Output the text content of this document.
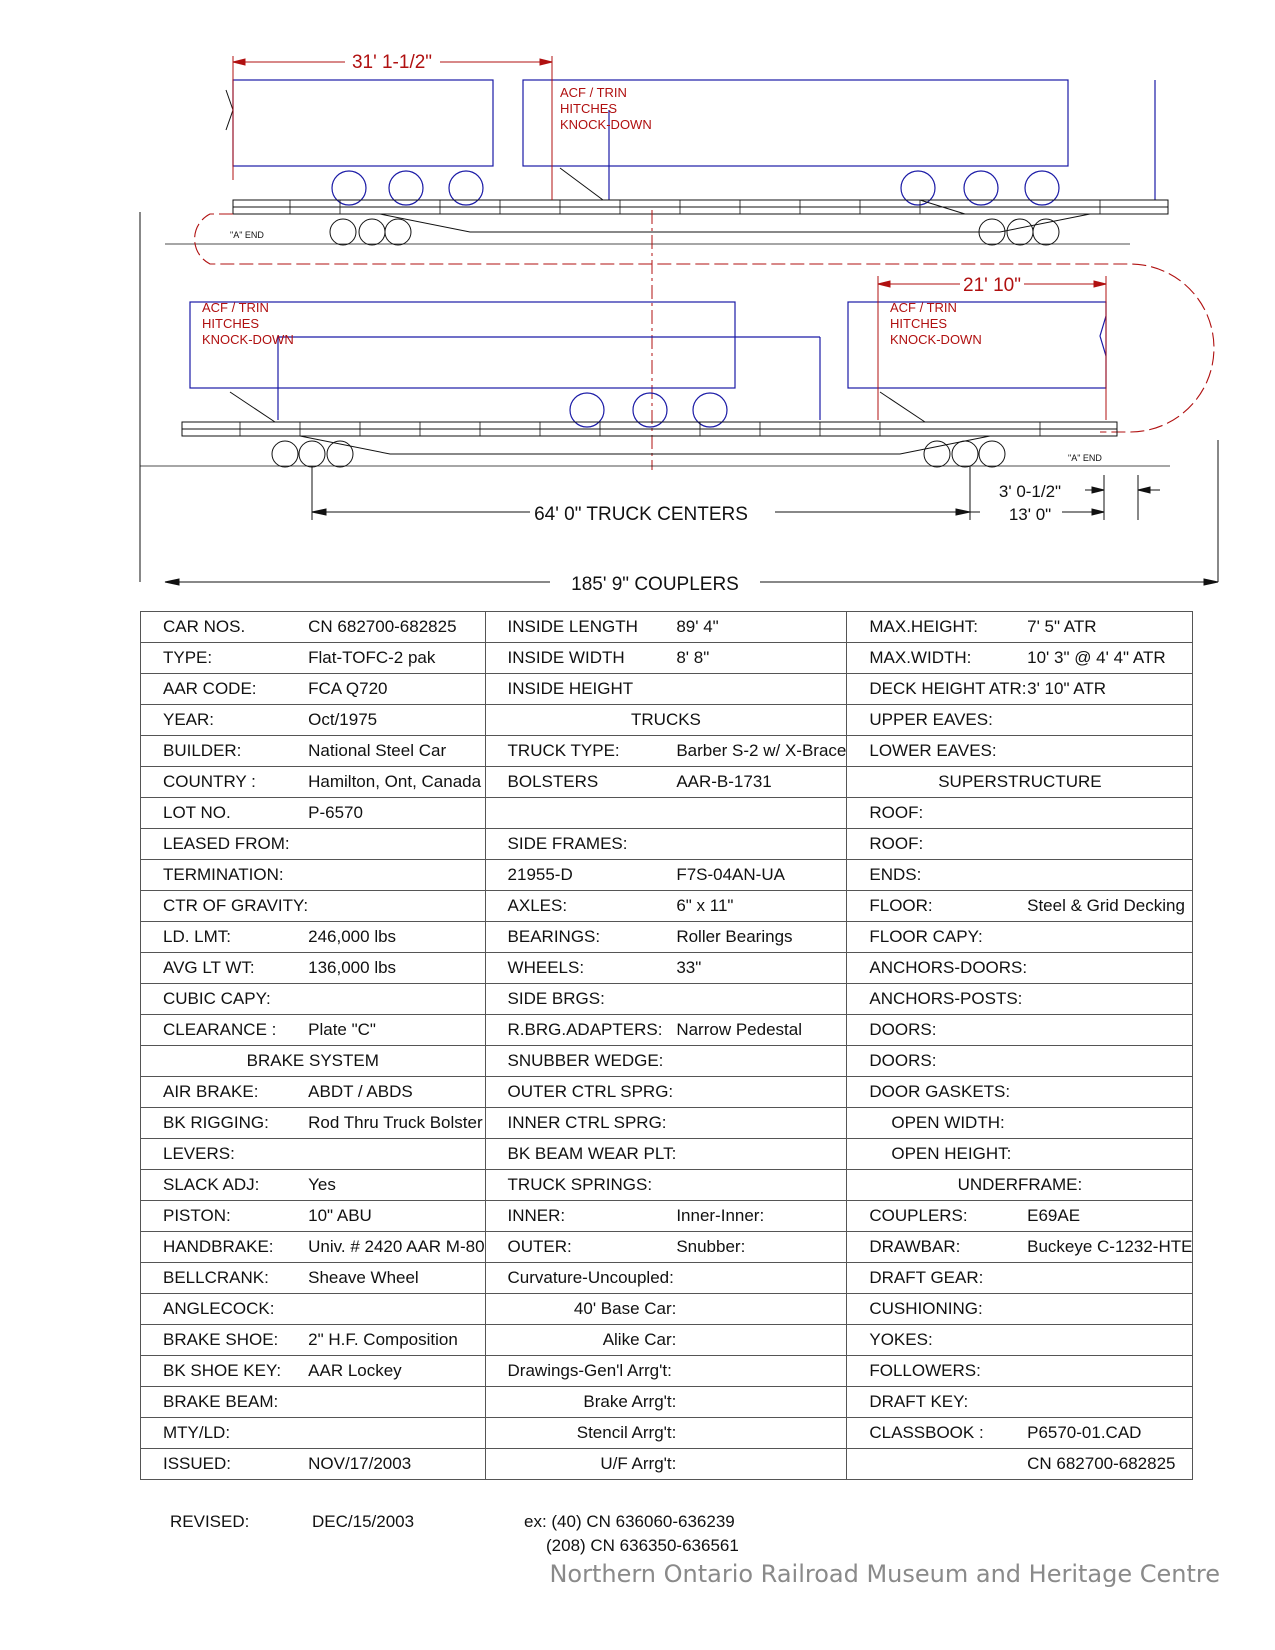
31' 1-1/2"
ACF / TRIN
HITCHES
KNOCK-DOWN
"A" END
21' 10"
ACF / TRIN
HITCHES
KNOCK-DOWN
ACF / TRIN
HITCHES
KNOCK-DOWN
"A" END
64' 0" TRUCK CENTERS
3' 0-1/2"
13' 0"
185' 9" COUPLERS
CAR NOS.	CN 682700-682825	INSIDE LENGTH	89' 4"	MAX.HEIGHT:	7' 5" ATR
TYPE:	Flat-TOFC-2 pak	INSIDE WIDTH	8' 8"	MAX.WIDTH:	10' 3" @ 4' 4" ATR
AAR CODE:	FCA Q720	INSIDE HEIGHT		DECK HEIGHT ATR:	3' 10" ATR
YEAR:	Oct/1975	TRUCKS		UPPER EAVES:	
BUILDER:	National Steel Car	TRUCK TYPE:	Barber S-2 w/ X-Brace	LOWER EAVES:	
COUNTRY :	Hamilton, Ont, Canada	BOLSTERS	AAR-B-1731	SUPERSTRUCTURE	
LOT NO.	P-6570			ROOF:	
LEASED FROM:		SIDE FRAMES:		ROOF:	
TERMINATION:		21955-D	F7S-04AN-UA	ENDS:	
CTR OF GRAVITY:		AXLES:	6" x 11"	FLOOR:	Steel & Grid Decking
LD. LMT:	246,000 lbs	BEARINGS:	Roller Bearings	FLOOR CAPY:	
AVG LT WT:	136,000 lbs	WHEELS:	33"	ANCHORS-DOORS:	
CUBIC CAPY:		SIDE BRGS:		ANCHORS-POSTS:	
CLEARANCE :	Plate "C"	R.BRG.ADAPTERS:	Narrow Pedestal	DOORS:	
BRAKE SYSTEM		SNUBBER WEDGE:		DOORS:	
AIR BRAKE:	ABDT / ABDS	OUTER CTRL SPRG:		DOOR GASKETS:	
BK RIGGING:	Rod Thru Truck Bolster	INNER CTRL SPRG:		OPEN WIDTH:	
LEVERS:		BK BEAM WEAR PLT:		OPEN HEIGHT:	
SLACK ADJ:	Yes	TRUCK SPRINGS:		UNDERFRAME:	
PISTON:	10" ABU	INNER:	Inner-Inner:	COUPLERS:	E69AE
HANDBRAKE:	Univ. # 2420 AAR M-80	OUTER:	Snubber:	DRAWBAR:	Buckeye C-1232-HTE
BELLCRANK:	Sheave Wheel	Curvature-Uncoupled:		DRAFT GEAR:	
ANGLECOCK:		40' Base Car:		CUSHIONING:	
BRAKE SHOE:	2" H.F. Composition	Alike Car:		YOKES:	
BK SHOE KEY:	AAR Lockey	Drawings-Gen'l Arrg't:		FOLLOWERS:	
BRAKE BEAM:		Brake Arrg't:		DRAFT KEY:	
MTY/LD:		Stencil Arrg't:		CLASSBOOK :	P6570-01.CAD
ISSUED:	NOV/17/2003	U/F Arrg't:			CN 682700-682825
REVISED:	DEC/15/2003	ex: (40) CN 636060-636239
(208) CN 636350-636561
Northern Ontario Railroad Museum and Heritage Centre
